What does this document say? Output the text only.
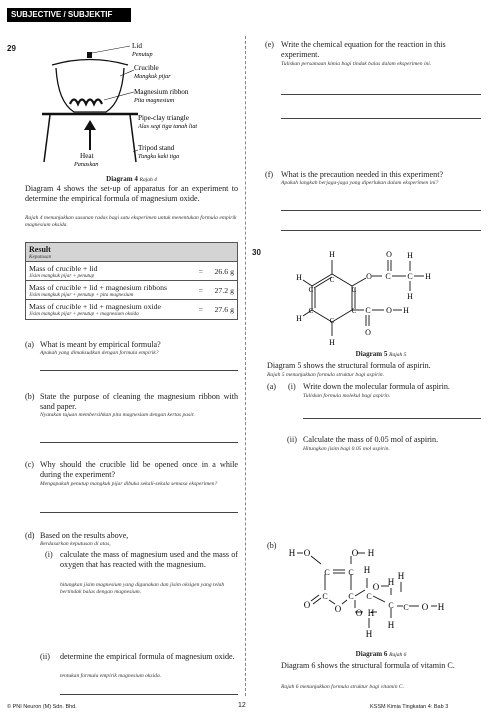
SUBJECTIVE / SUBJEKTIF
29	Lid
Penutup
Crucible
Mangkuk pijar
Magnesium ribbon
Pita magnesium
Pipe-clay triangle
Alas segi tiga tanah liat
Tripod stand
Tungku kaki tiga
Heat
Panaskan
Diagram 4 Rajah 4
Diagram 4 shows the set-up of apparatus for an experiment to determine the empirical formula of magnesium oxide.
Rajah 4 menunjukkan susunan radas bagi satu eksperimen untuk menentukan formula empirik magnesium oksida.
Result
Keputusan
Mass of crucible + lid
Jisim mangkuk pijar + penutup	= 26.6 g
Mass of crucible + lid + magnesium ribbons
Jisim mangkuk pijar + penutup + pita magnesium	= 27.2 g
Mass of crucible + lid + magnesium oxide
Jisim mangkuk pijar + penutup + magnesium oksida	= 27.6 g
(a) What is meant by empirical formula?
Apakah yang dimaksudkan dengan formula empirik?
(b) State the purpose of cleaning the magnesium ribbon with sand paper.
Nyatakan tujuan membersihkan pita magnesium dengan kertas pasir.
(c) Why should the crucible lid be opened once in a while during the experiment?
Mengapakah penutup mangkuk pijar dibuka sekali-sekala semasa eksperimen?
(d) Based on the results above,
Berdasarkan keputusan di atas,
(i) calculate the mass of magnesium used and the mass of oxygen that has reacted with the magnesium.
hitungkan jisim magnesium yang digunakan dan jisim oksigen yang telah bertindak balas dengan magnesium.
(ii) determine the empirical formula of magnesium oxide.
tentukan formula empirik magnesium oksida.
(e) Write the chemical equation for the reaction in this experiment.
Tuliskan persamaan kimia bagi tindak balas dalam eksperimen ini.
(f) What is the precaution needed in this experiment?
Apakah langkah berjaga-jaga yang diperlukan dalam eksperimen ini?
30	H
H
H
H
C
C
C
C
C
C
O C
O
C
H
H
H
C O H
O
Diagram 5 Rajah 5
Diagram 5 shows the structural formula of aspirin.
Rajah 5 menunjukkan formula struktur bagi aspirin.
(a) (i) Write down the molecular formula of aspirin.
Tuliskan formula molekul bagi aspirin.
(ii) Calculate the mass of 0.05 mol of aspirin.
Hitungkan jisim bagi 0.05 mol aspirin.
(b)
H O
C C
O H
C	C
O
O
H
C
C
O H
H
C O H
H
O H
H
Diagram 6 Rajah 6
Diagram 6 shows the structural formula of vitamin C.
Rajah 6 menunjukkan formula struktur bagi vitamin C.
© PNI Neuron (M) Sdn. Bhd.	12	KSSM Kimia Tingkatan 4: Bab 3
